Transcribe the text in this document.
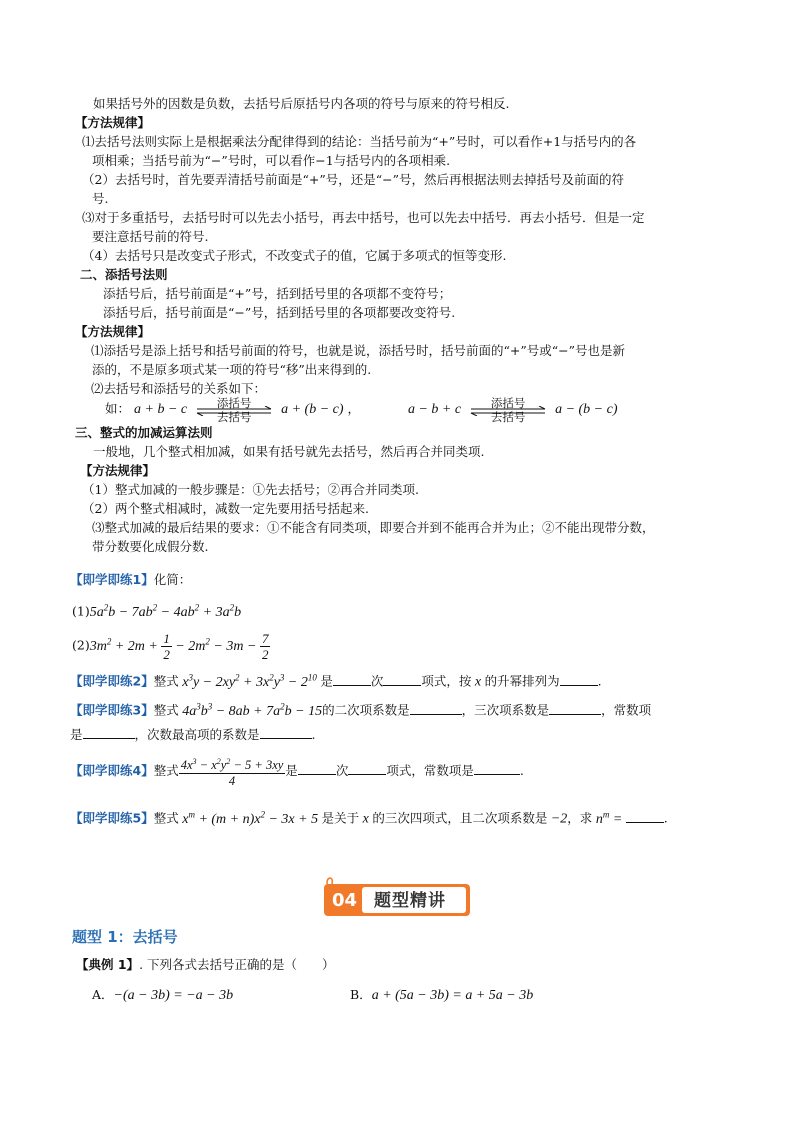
如果括号外的因数是负数，去括号后原括号内各项的符号与原来的符号相反.
【方法规律】
⑴去括号法则实际上是根据乘法分配律得到的结论：当括号前为“+”号时，可以看作+1与括号内的各
项相乘；当括号前为“−”号时，可以看作−1与括号内的各项相乘.
（2）去括号时，首先要弄清括号前面是“+”号，还是“−”号，然后再根据法则去掉括号及前面的符
号.
⑶对于多重括号，去括号时可以先去小括号，再去中括号，也可以先去中括号．再去小括号．但是一定
要注意括号前的符号.
（4）去括号只是改变式子形式，不改变式子的值，它属于多项式的恒等变形.
二、添括号法则
添括号后，括号前面是“+”号，括到括号里的各项都不变符号；
添括号后，括号前面是“−”号，括到括号里的各项都要改变符号.
【方法规律】
⑴添括号是添上括号和括号前面的符号，也就是说，添括号时，括号前面的“+”号或“−”号也是新
添的，不是原多项式某一项的符号“移”出来得到的.
⑵去括号和添括号的关系如下：
如： a + b − c	添括号
去括号	a + (b − c) ，	a − b + c	添括号
去括号	a − (b − c)
三、整式的加减运算法则
一般地，几个整式相加减，如果有括号就先去括号，然后再合并同类项.
【方法规律】
（1）整式加减的一般步骤是：①先去括号；②再合并同类项.
（2）两个整式相减时，减数一定先要用括号括起来.
⑶整式加减的最后结果的要求：①不能含有同类项，即要合并到不能再合并为止；②不能出现带分数，
带分数要化成假分数.
【即学即练1】化简：
$(1)5a^2b - 7ab^2 - 4ab^2 + 3a^2b$
$(2)3m^2 + 2m + \frac{1}{2} - 2m^2 - 3m - \frac{7}{2}$
【即学即练2】整式 $x^3y - 2xy^2 + 3x^2y^3 - 2^{10}$ 是	次	项式，按 x 的升幂排列为	.
【即学即练3】整式 $4a^3b^3 - 8ab + 7a^2b - 15$的二次项系数是	，三次项系数是	，常数项
是	，次数最高项的系数是	.
【即学即练4】整式 $\frac{4x^3 - x^2y^2 - 5 + 3xy}{4}$ 是	次	项式，常数项是	.
【即学即练5】整式 $x^m + (m + n)x^2 - 3x + 5$ 是关于 x 的三次四项式，且二次项系数是 −2，求 $n^m$ =	.
04 题型精讲
题型 1：去括号
【典例 1】. 下列各式去括号正确的是（　　）
A．−(a − 3b) = −a − 3b	B．a + (5a − 3b) = a + 5a − 3b
